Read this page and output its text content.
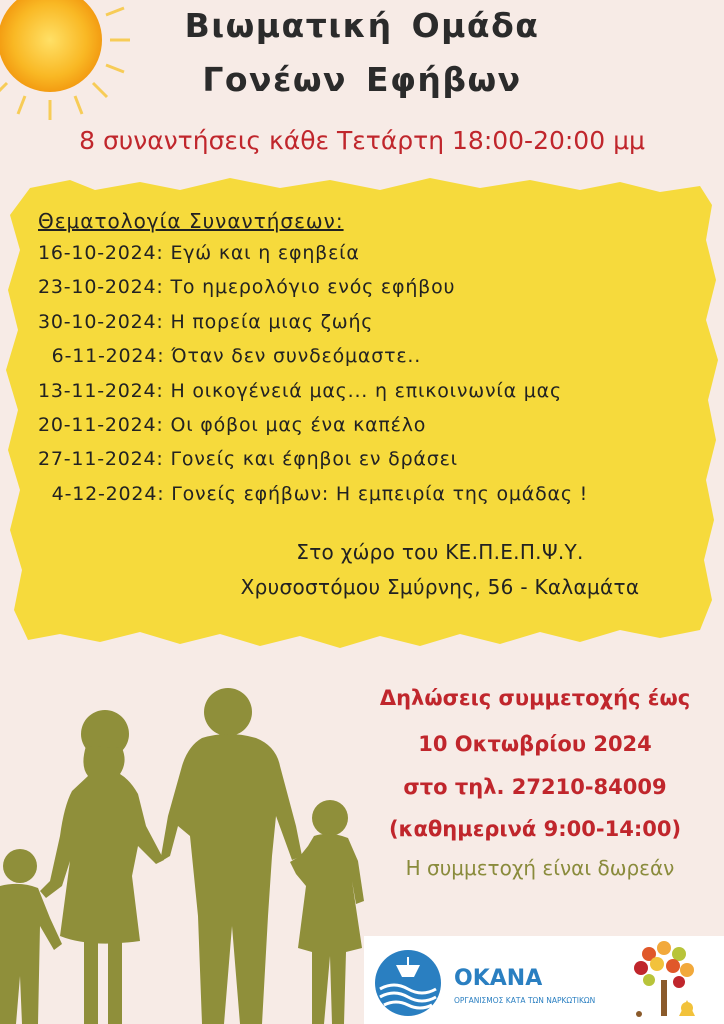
Βιωματική Ομάδα
Γονέων Εφήβων
8 συναντήσεις κάθε Τετάρτη 18:00-20:00 μμ
Θεματολογία Συναντήσεων:
16-10-2024: Εγώ και η εφηβεία
23-10-2024: Το ημερολόγιο ενός εφήβου
30-10-2024: Η πορεία μιας ζωής
6-11-2024: Όταν δεν συνδεόμαστε..
13-11-2024: Η οικογένειά μας... η επικοινωνία μας
20-11-2024: Οι φόβοι μας ένα καπέλο
27-11-2024: Γονείς και έφηβοι εν δράσει
4-12-2024: Γονείς εφήβων: Η εμπειρία της ομάδας !
Στο χώρο του ΚΕ.Π.Ε.Π.Ψ.Υ.
Χρυσοστόμου Σμύρνης, 56 - Καλαμάτα
Δηλώσεις συμμετοχής έως
10 Οκτωβρίου 2024
στο τηλ. 27210-84009
(καθημερινά 9:00-14:00)
Η συμμετοχή είναι δωρεάν
OKANA
ΟΡΓΑΝΙΣΜΟΣ ΚΑΤΑ ΤΩΝ ΝΑΡΚΩΤΙΚΩΝ
